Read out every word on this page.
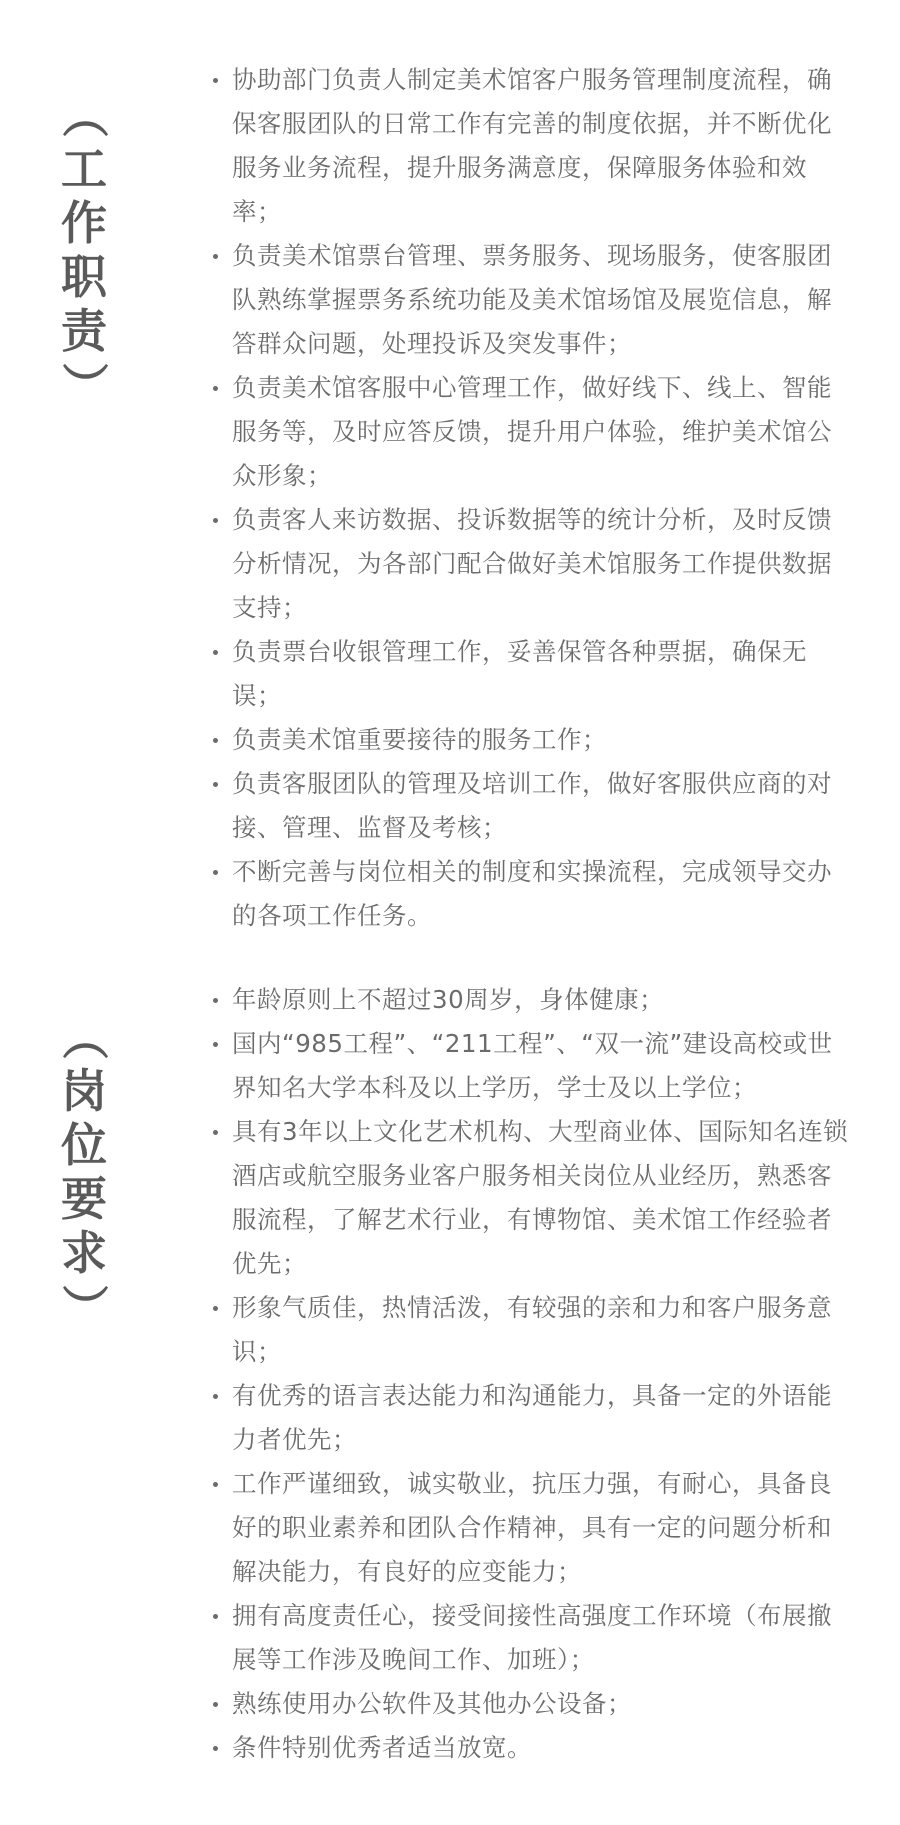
（
工
作
职
责
）
协助部门负责人制定美术馆客户服务管理制度流程，确保客服团队的日常工作有完善的制度依据，并不断优化服务业务流程，提升服务满意度，保障服务体验和效率；
负责美术馆票台管理、票务服务、现场服务，使客服团队熟练掌握票务系统功能及美术馆场馆及展览信息，解答群众问题，处理投诉及突发事件；
负责美术馆客服中心管理工作，做好线下、线上、智能服务等，及时应答反馈，提升用户体验，维护美术馆公众形象；
负责客人来访数据、投诉数据等的统计分析，及时反馈分析情况，为各部门配合做好美术馆服务工作提供数据支持；
负责票台收银管理工作，妥善保管各种票据，确保无误；
负责美术馆重要接待的服务工作；
负责客服团队的管理及培训工作，做好客服供应商的对接、管理、监督及考核；
不断完善与岗位相关的制度和实操流程，完成领导交办的各项工作任务。
（
岗
位
要
求
）
年龄原则上不超过30周岁，身体健康；
国内“985工程”、“211工程”、“双一流”建设高校或世界知名大学本科及以上学历，学士及以上学位；
具有3年以上文化艺术机构、大型商业体、国际知名连锁酒店或航空服务业客户服务相关岗位从业经历，熟悉客服流程，了解艺术行业，有博物馆、美术馆工作经验者优先；
形象气质佳，热情活泼，有较强的亲和力和客户服务意识；
有优秀的语言表达能力和沟通能力，具备一定的外语能力者优先；
工作严谨细致，诚实敬业，抗压力强，有耐心，具备良好的职业素养和团队合作精神，具有一定的问题分析和解决能力，有良好的应变能力；
拥有高度责任心，接受间接性高强度工作环境（布展撤展等工作涉及晚间工作、加班）；
熟练使用办公软件及其他办公设备；
条件特别优秀者适当放宽。
